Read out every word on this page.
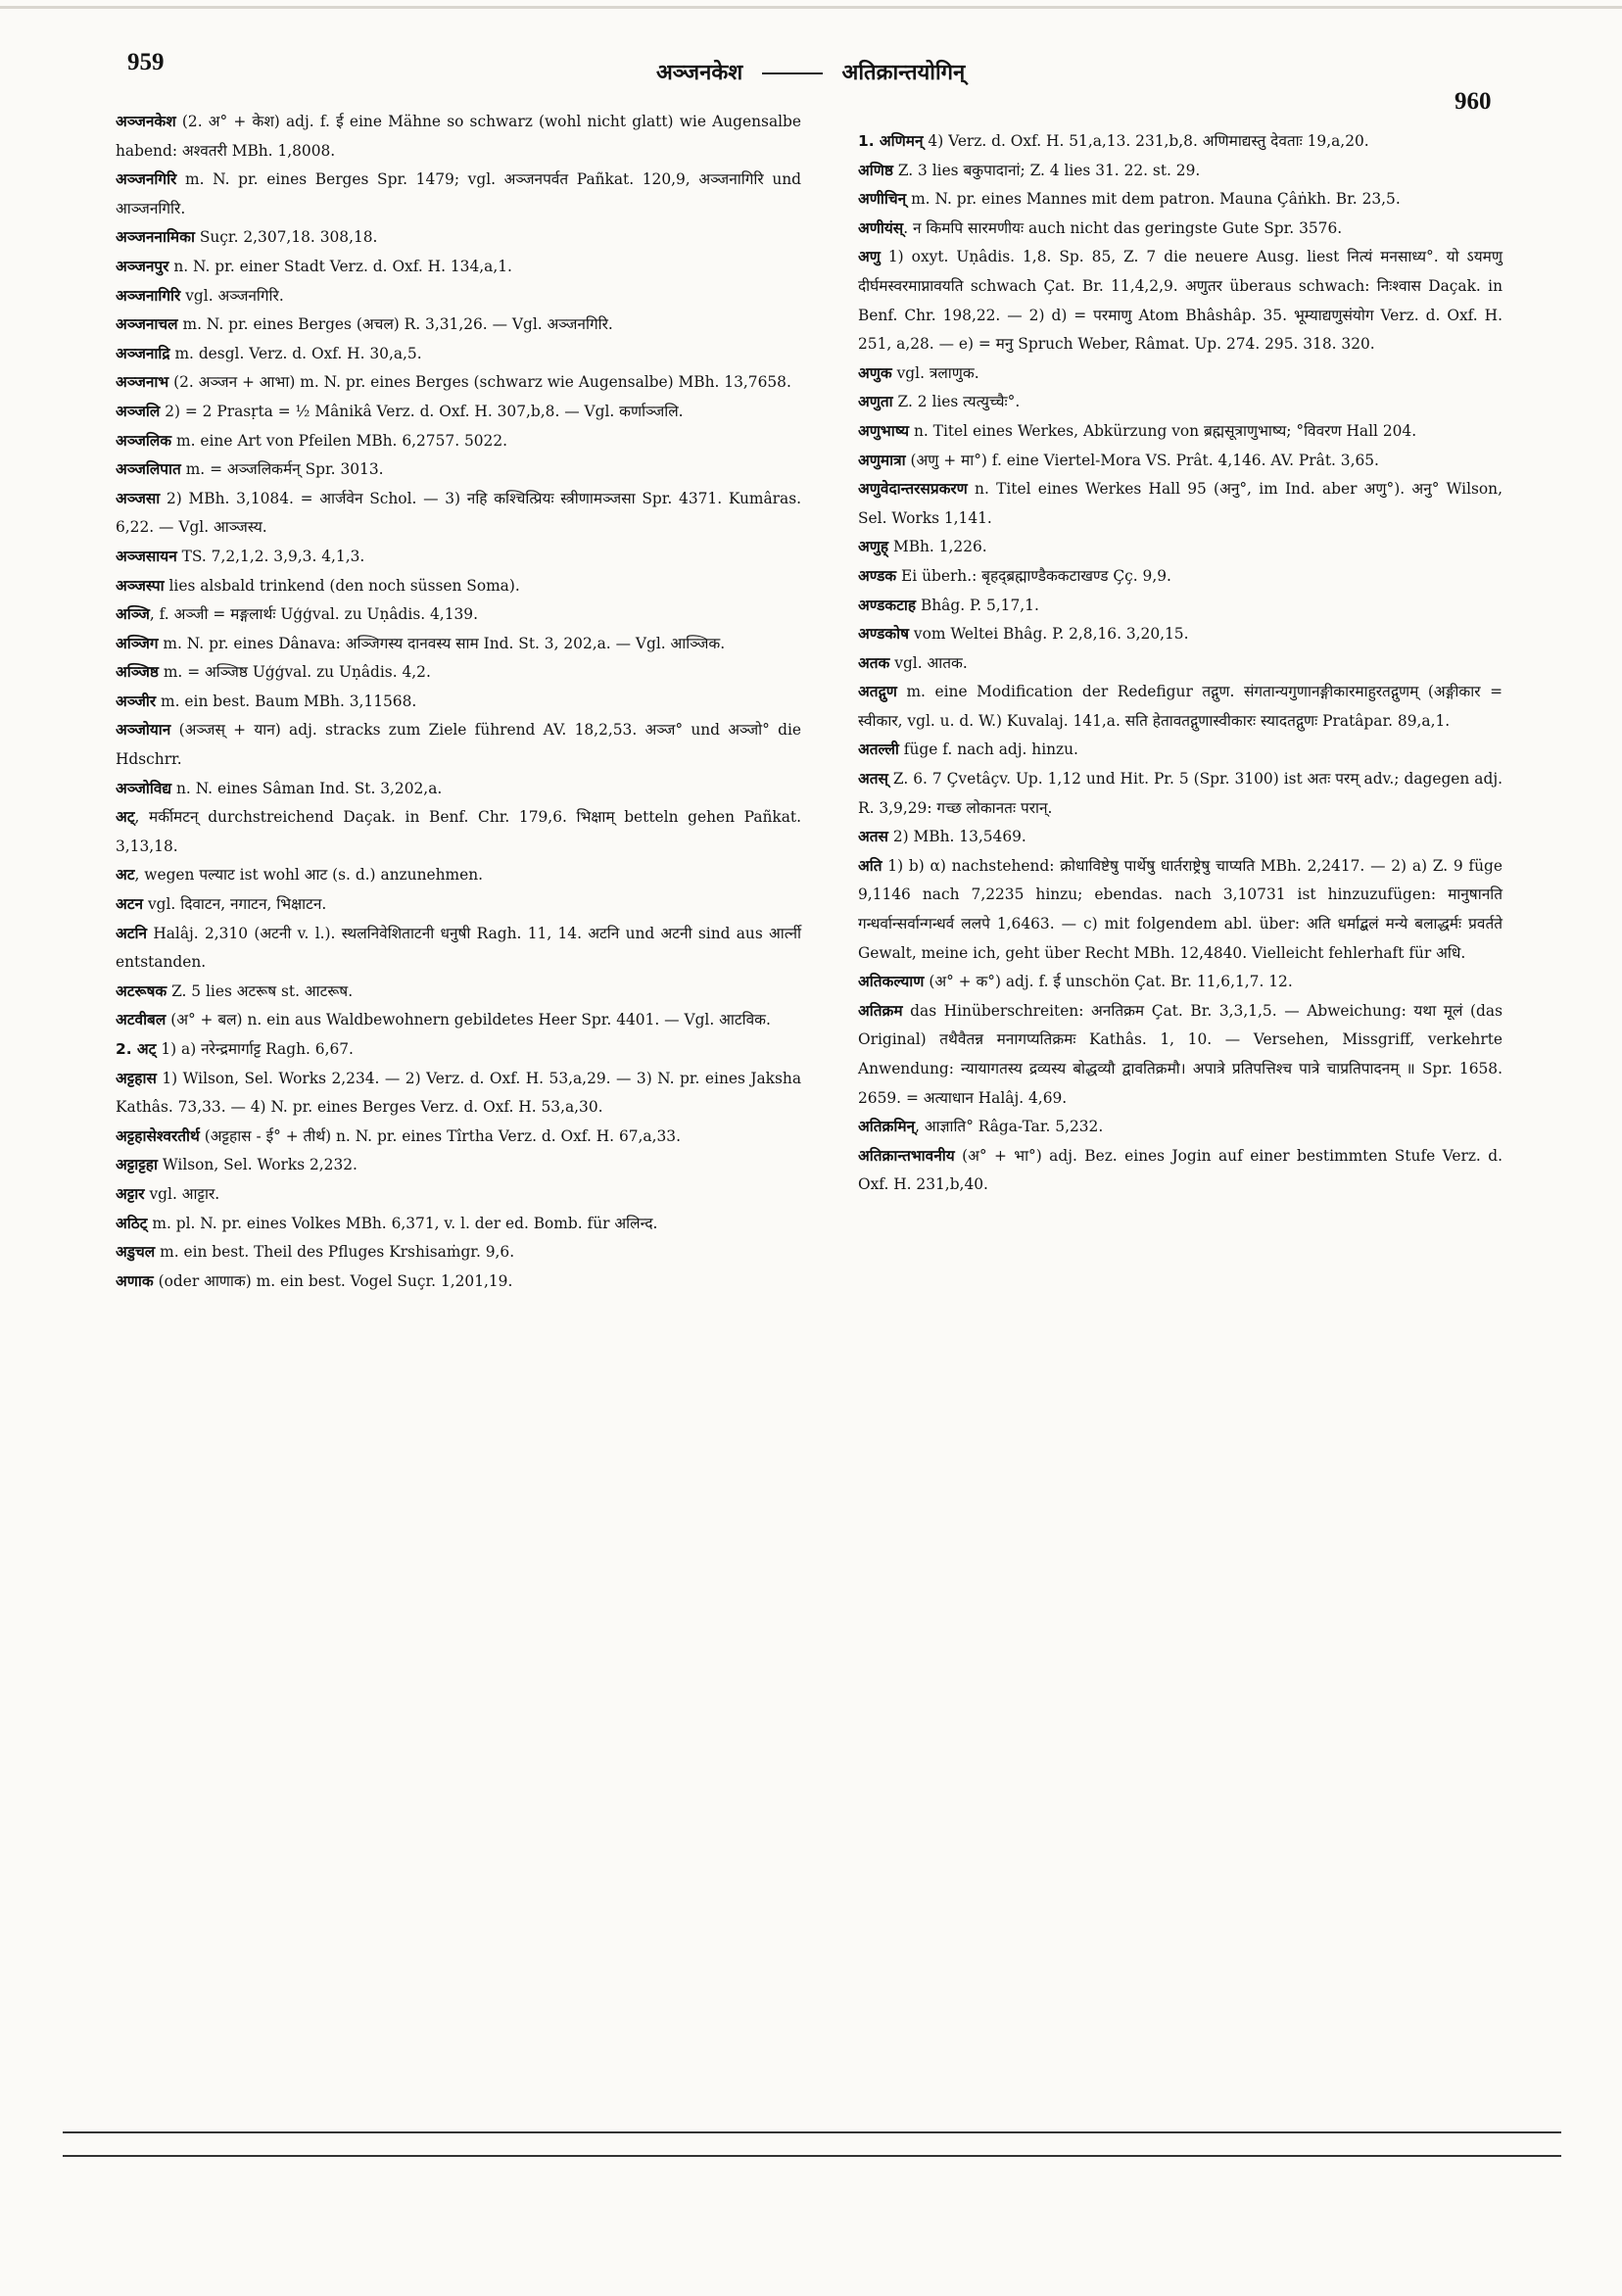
959	अञ्जनकेश	अतिक्रान्तयोगिन्
960

अञ्जनकेश (2. अ° + केश) adj. f. ई eine Mähne so schwarz (wohl nicht glatt) wie Augensalbe habend: अश्वतरी MBh. 1,8008.

अञ्जनगिरि m. N. pr. eines Berges Spr. 1479; vgl. अञ्जनपर्वत Pañkat. 120,9, अञ्जनागिरि und आञ्जनगिरि.

अञ्जननामिका Suçr. 2,307,18. 308,18.

अञ्जनपुर n. N. pr. einer Stadt Verz. d. Oxf. H. 134,a,1.

अञ्जनागिरि vgl. अञ्जनगिरि.

अञ्जनाचल m. N. pr. eines Berges (अचल) R. 3,31,26. — Vgl. अञ्जनगिरि.

अञ्जनाद्रि m. desgl. Verz. d. Oxf. H. 30,a,5.

अञ्जनाभ (2. अञ्जन + आभा) m. N. pr. eines Berges (schwarz wie Augensalbe) MBh. 13,7658.

अञ्जलि 2) = 2 Prasṛta = ½ Mânikâ Verz. d. Oxf. H. 307,b,8. — Vgl. कर्णाञ्जलि.

अञ्जलिक m. eine Art von Pfeilen MBh. 6,2757. 5022.

अञ्जलिपात m. = अञ्जलिकर्मन् Spr. 3013.

अञ्जसा 2) MBh. 3,1084. = आर्जवेन Schol. — 3) नहि कश्चित्प्रियः स्त्रीणामञ्जसा Spr. 4371. Kumâras. 6,22. — Vgl. आञ्जस्य.

अञ्जसायन TS. 7,2,1,2. 3,9,3. 4,1,3.

अञ्जस्पा lies alsbald trinkend (den noch süssen Soma).

अञ्जि, f. अञ्जी = मङ्गलार्थः Uģģval. zu Uṇâdis. 4,139.

अञ्जिग m. N. pr. eines Dânava: अञ्जिगस्य दानवस्य साम Ind. St. 3, 202,a. — Vgl. आञ्जिक.

अञ्जिष्ठ m. = अञ्जिष्ठ Uģģval. zu Uṇâdis. 4,2.

अञ्जीर m. ein best. Baum MBh. 3,11568.

अञ्जोयान (अञ्जस् + यान) adj. stracks zum Ziele führend AV. 18,2,53. अञ्ज° und अञ्जो° die Hdschrr.

अञ्जोविद्य n. N. eines Sâman Ind. St. 3,202,a.

अट्, मर्कीमटन् durchstreichend Daçak. in Benf. Chr. 179,6. भिक्षाम् betteln gehen Pañkat. 3,13,18.

अट, wegen पल्याट ist wohl आट (s. d.) anzunehmen.

अटन vgl. दिवाटन, नगाटन, भिक्षाटन.

अटनि Halâj. 2,310 (अटनी v. l.). स्थलनिवेशिताटनी धनुषी Ragh. 11, 14. अटनि und अटनी sind aus आर्त्नी entstanden.

अटरूषक Z. 5 lies अटरूष st. आटरूष.

अटवीबल (अ° + बल) n. ein aus Waldbewohnern gebildetes Heer Spr. 4401. — Vgl. आटविक.

2. अट् 1) a) नरेन्द्रमार्गाट्ट Ragh. 6,67.

अट्टहास 1) Wilson, Sel. Works 2,234. — 2) Verz. d. Oxf. H. 53,a,29. — 3) N. pr. eines Jaksha Kathâs. 73,33. — 4) N. pr. eines Berges Verz. d. Oxf. H. 53,a,30.

अट्टहासेश्वरतीर्थ (अट्टहास - ई° + तीर्थ) n. N. pr. eines Tîrtha Verz. d. Oxf. H. 67,a,33.

अट्टाट्टहा Wilson, Sel. Works 2,232.

अट्टार vgl. आट्टार.

अठिट् m. pl. N. pr. eines Volkes MBh. 6,371, v. l. der ed. Bomb. für अलिन्द.

अडुचल m. ein best. Theil des Pfluges Krshisaṁgr. 9,6.

अणाक (oder आणाक) m. ein best. Vogel Suçr. 1,201,19.

1. अणिमन् 4) Verz. d. Oxf. H. 51,a,13. 231,b,8. अणिमाद्यस्तु देवताः 19,a,20.

अणिष्ठ Z. 3 lies बकुपादानां; Z. 4 lies 31. 22. st. 29.

अणीचिन् m. N. pr. eines Mannes mit dem patron. Mauna Çâṅkh. Br. 23,5.

अणीयंस्. न किमपि सारमणीयः auch nicht das geringste Gute Spr. 3576.

अणु 1) oxyt. Uṇâdis. 1,8. Sp. 85, Z. 7 die neuere Ausg. liest नित्यं मनसाध्य°. यो ऽयमणु दीर्घमस्वरमाप्नावयति schwach Çat. Br. 11,4,2,9. अणुतर überaus schwach: निःश्वास Daçak. in Benf. Chr. 198,22. — 2) d) = परमाणु Atom Bhâshâp. 35. भूम्याद्यणुसंयोग Verz. d. Oxf. H. 251, a,28. — e) = मनु Spruch Weber, Râmat. Up. 274. 295. 318. 320.

अणुक vgl. त्रलाणुक.

अणुता Z. 2 lies त्यत्युच्चैः°.

अणुभाष्य n. Titel eines Werkes, Abkürzung von ब्रह्मसूत्राणुभाष्य; °विवरण Hall 204.

अणुमात्रा (अणु + मा°) f. eine Viertel-Mora VS. Prât. 4,146. AV. Prât. 3,65.

अणुवेदान्तरसप्रकरण n. Titel eines Werkes Hall 95 (अनु°, im Ind. aber अणु°). अनु° Wilson, Sel. Works 1,141.

अणुह् MBh. 1,226.

अण्डक Ei überh.: बृहद्ब्रह्माण्डैककटाखण्ड Çç. 9,9.

अण्डकटाह Bhâg. P. 5,17,1.

अण्डकोष vom Weltei Bhâg. P. 2,8,16. 3,20,15.

अतक vgl. आतक.

अतद्गुण m. eine Modification der Redefigur तद्गुण. संगतान्यगुणानङ्गीकारमाहुरतद्गुणम् (अङ्गीकार = स्वीकार, vgl. u. d. W.) Kuvalaj. 141,a. सति हेतावतद्गुणास्वीकारः स्यादतद्गुणः Pratâpar. 89,a,1.

अतल्ली füge f. nach adj. hinzu.

अतस् Z. 6. 7 Çvetâçv. Up. 1,12 und Hit. Pr. 5 (Spr. 3100) ist अतः परम् adv.; dagegen adj. R. 3,9,29: गच्छ लोकानतः परान्.

अतस 2) MBh. 13,5469.

अति 1) b) α) nachstehend: क्रोधाविष्टेषु पार्थेषु धार्तराष्ट्रेषु चाप्यति MBh. 2,2417. — 2) a) Z. 9 füge 9,1146 nach 7,2235 hinzu; ebendas. nach 3,10731 ist hinzuzufügen: मानुषानति गन्धर्वान्सर्वान्गन्धर्व ललपे 1,6463. — c) mit folgendem abl. über: अति धर्माद्बलं मन्ये बलाद्धर्मः प्रवर्तते Gewalt, meine ich, geht über Recht MBh. 12,4840. Vielleicht fehlerhaft für अधि.

अतिकल्याण (अ° + क°) adj. f. ई unschön Çat. Br. 11,6,1,7. 12.

अतिक्रम das Hinüberschreiten: अनतिक्रम Çat. Br. 3,3,1,5. — Abweichung: यथा मूलं (das Original) तथैवैतन्न मनागप्यतिक्रमः Kathâs. 1, 10. — Versehen, Missgriff, verkehrte Anwendung: न्यायागतस्य द्रव्यस्य बोद्धव्यौ द्वावतिक्रमौ। अपात्रे प्रतिपत्तिश्च पात्रे चाप्रतिपादनम् ॥ Spr. 1658. 2659. = अत्याधान Halâj. 4,69.

अतिक्रमिन्, आज्ञाति° Râga-Tar. 5,232.

अतिक्रान्तभावनीय (अ° + भा°) adj. Bez. eines Jogin auf einer bestimmten Stufe Verz. d. Oxf. H. 231,b,40.
